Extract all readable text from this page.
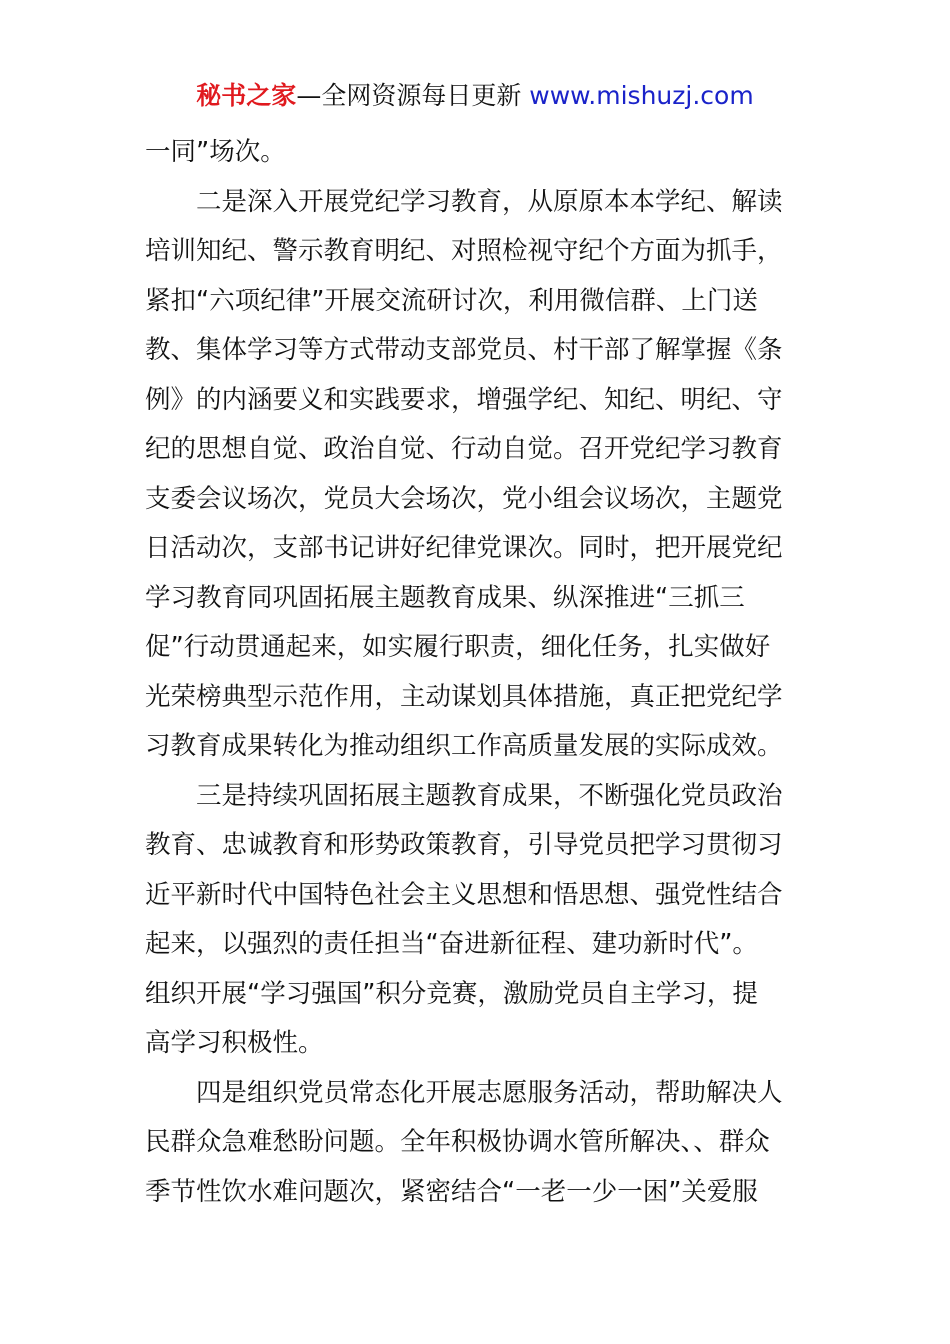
秘书之家—全网资源每日更新 www.mishuzj.com
一同”场次。
二是深入开展党纪学习教育，从原原本本学纪、解读
培训知纪、警示教育明纪、对照检视守纪个方面为抓手，
紧扣“六项纪律”开展交流研讨次，利用微信群、上门送
教、集体学习等方式带动支部党员、村干部了解掌握《条
例》的内涵要义和实践要求，增强学纪、知纪、明纪、守
纪的思想自觉、政治自觉、行动自觉。召开党纪学习教育
支委会议场次，党员大会场次，党小组会议场次，主题党
日活动次，支部书记讲好纪律党课次。同时，把开展党纪
学习教育同巩固拓展主题教育成果、纵深推进“三抓三
促”行动贯通起来，如实履行职责，细化任务，扎实做好
光荣榜典型示范作用，主动谋划具体措施，真正把党纪学
习教育成果转化为推动组织工作高质量发展的实际成效。
三是持续巩固拓展主题教育成果，不断强化党员政治
教育、忠诚教育和形势政策教育，引导党员把学习贯彻习
近平新时代中国特色社会主义思想和悟思想、强党性结合
起来，以强烈的责任担当“奋进新征程、建功新时代”。
组织开展“学习强国”积分竞赛，激励党员自主学习，提
高学习积极性。
四是组织党员常态化开展志愿服务活动，帮助解决人
民群众急难愁盼问题。全年积极协调水管所解决、、群众
季节性饮水难问题次，紧密结合“一老一少一困”关爱服
